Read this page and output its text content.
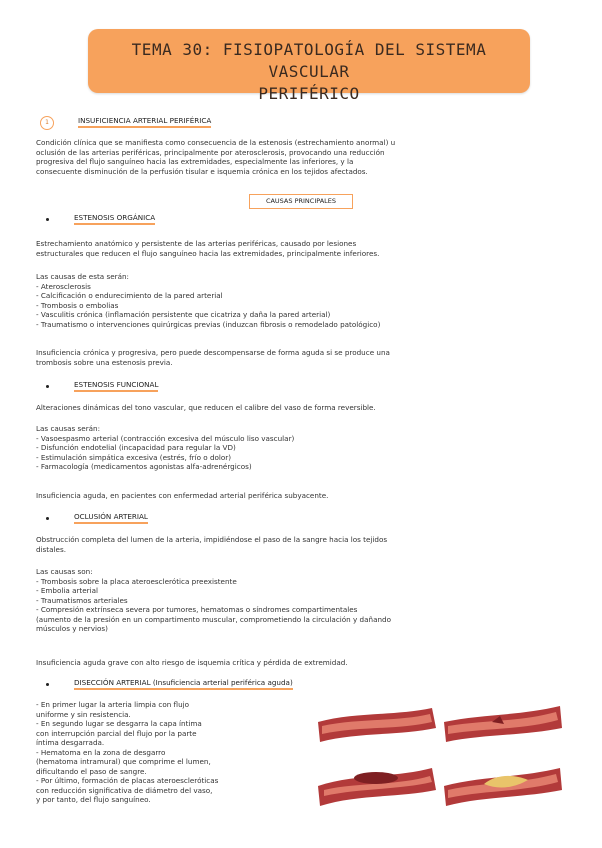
TEMA 30: FISIOPATOLOGÍA DEL SISTEMA VASCULAR
PERIFÉRICO
1	INSUFICIENCIA ARTERIAL PERIFÉRICA
Condición clínica que se manifiesta como consecuencia de la estenosis (estrechamiento anormal) u
oclusión de las arterias periféricas, principalmente por aterosclerosis, provocando una reducción
progresiva del flujo sanguíneo hacia las extremidades, especialmente las inferiores, y la
consecuente disminución de la perfusión tisular e isquemia crónica en los tejidos afectados.
CAUSAS PRINCIPALES
ESTENOSIS ORGÁNICA
Estrechamiento anatómico y persistente de las arterias periféricas, causado por lesiones
estructurales que reducen el flujo sanguíneo hacia las extremidades, principalmente inferiores.
Las causas de esta serán:
- Aterosclerosis
- Calcificación o endurecimiento de la pared arterial
- Trombosis o embolias
- Vasculitis crónica (inflamación persistente que cicatriza y daña la pared arterial)
- Traumatismo o intervenciones quirúrgicas previas (induzcan fibrosis o remodelado patológico)
Insuficiencia crónica y progresiva, pero puede descompensarse de forma aguda si se produce una
trombosis sobre una estenosis previa.
ESTENOSIS FUNCIONAL
Alteraciones dinámicas del tono vascular, que reducen el calibre del vaso de forma reversible.
Las causas serán:
- Vasoespasmo arterial (contracción excesiva del músculo liso vascular)
- Disfunción endotelial (incapacidad para regular la VD)
- Estimulación simpática excesiva (estrés, frío o dolor)
- Farmacología (medicamentos agonistas alfa-adrenérgicos)
Insuficiencia aguda, en pacientes con enfermedad arterial periférica subyacente.
OCLUSIÓN ARTERIAL
Obstrucción completa del lumen de la arteria, impidiéndose el paso de la sangre hacia los tejidos
distales.
Las causas son:
- Trombosis sobre la placa ateroesclerótica preexistente
- Embolia arterial
- Traumatismos arteriales
- Compresión extrínseca severa por tumores, hematomas o síndromes compartimentales
(aumento de la presión en un compartimento muscular, comprometiendo la circulación y dañando
músculos y nervios)
Insuficiencia aguda grave con alto riesgo de isquemia crítica y pérdida de extremidad.
DISECCIÓN ARTERIAL (Insuficiencia arterial periférica aguda)
- En primer lugar la arteria limpia con flujo
uniforme y sin resistencia.
- En segundo lugar se desgarra la capa íntima
con interrupción parcial del flujo por la parte
íntima desgarrada.
- Hematoma en la zona de desgarro
(hematoma intramural) que comprime el lumen,
dificultando el paso de sangre.
- Por último, formación de placas ateroescleróticas
con reducción significativa de diámetro del vaso,
y por tanto, del flujo sanguíneo.
